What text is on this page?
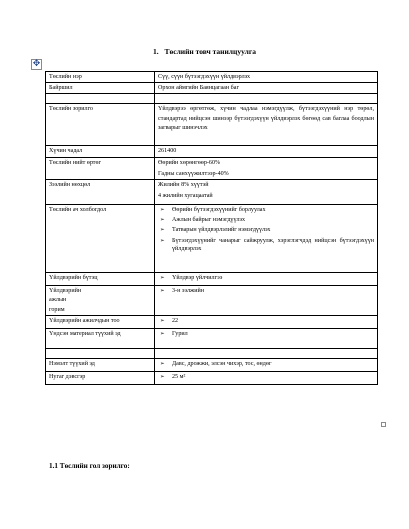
1. Төслийн товч танилцуулга
✥
Төслийн нэр	Сүү, сүүн бүтээгдэхүүн үйлдвэрлэх

Байршил	Орхон аймгийн Баянцагаан баг

Төслийн зорилго	Үйлдвэрээ өргөтгөж, хүчин чадлаа нэмэгдүүлж, бүтээгдэхүүний нэр төрөл, стандартад нийцсэн шинээр бүтээгдэхүүн үйлдвэрлэх бөгөөд сав баглаа боодлын загварыг шинэчлэх

Хүчин чадал	261400

Төслийн нийт өртөг	Өөрийн хөрөнгөөр-60%
Гадны санхүүжилтээр-40%

Зээлийн нөхцөл	Жилийн 8% хүүтэй
4 жилийн хугацаатай

Төслийн ач холбогдол	➢ Өөрийн бүтээгдэхүүнийг борлуулах
➢ Ажлын байрыг нэмэгдүүлэх
➢ Татварын үйлдвэрлэлийг нэмэгдүүлэх
➢ Бүтээгдэхүүнийг чанарыг сайжруулж, хэрэглэгчдэд нийцсэн бүтээгдэхүүн үйлдвэрлэх

Үйлдвэрийн бүтэц	➢ Үйлдвэр үйлчилгээ

Үйлдвэрийн
ажлын
горим	➢ 3-н ээлжийн

Үйлдвэрийн ажилчдын тоо	➢ 22

Үндсэн материал түүхий эд	➢ Гурил

Нэмэлт түүхий эд	➢ Давс, дрожжи, элсэн чихэр, тос, өндөг

Нугаг дэвсгэр	➢ 25 м²
1.1 Төслийн гол зорилго:
